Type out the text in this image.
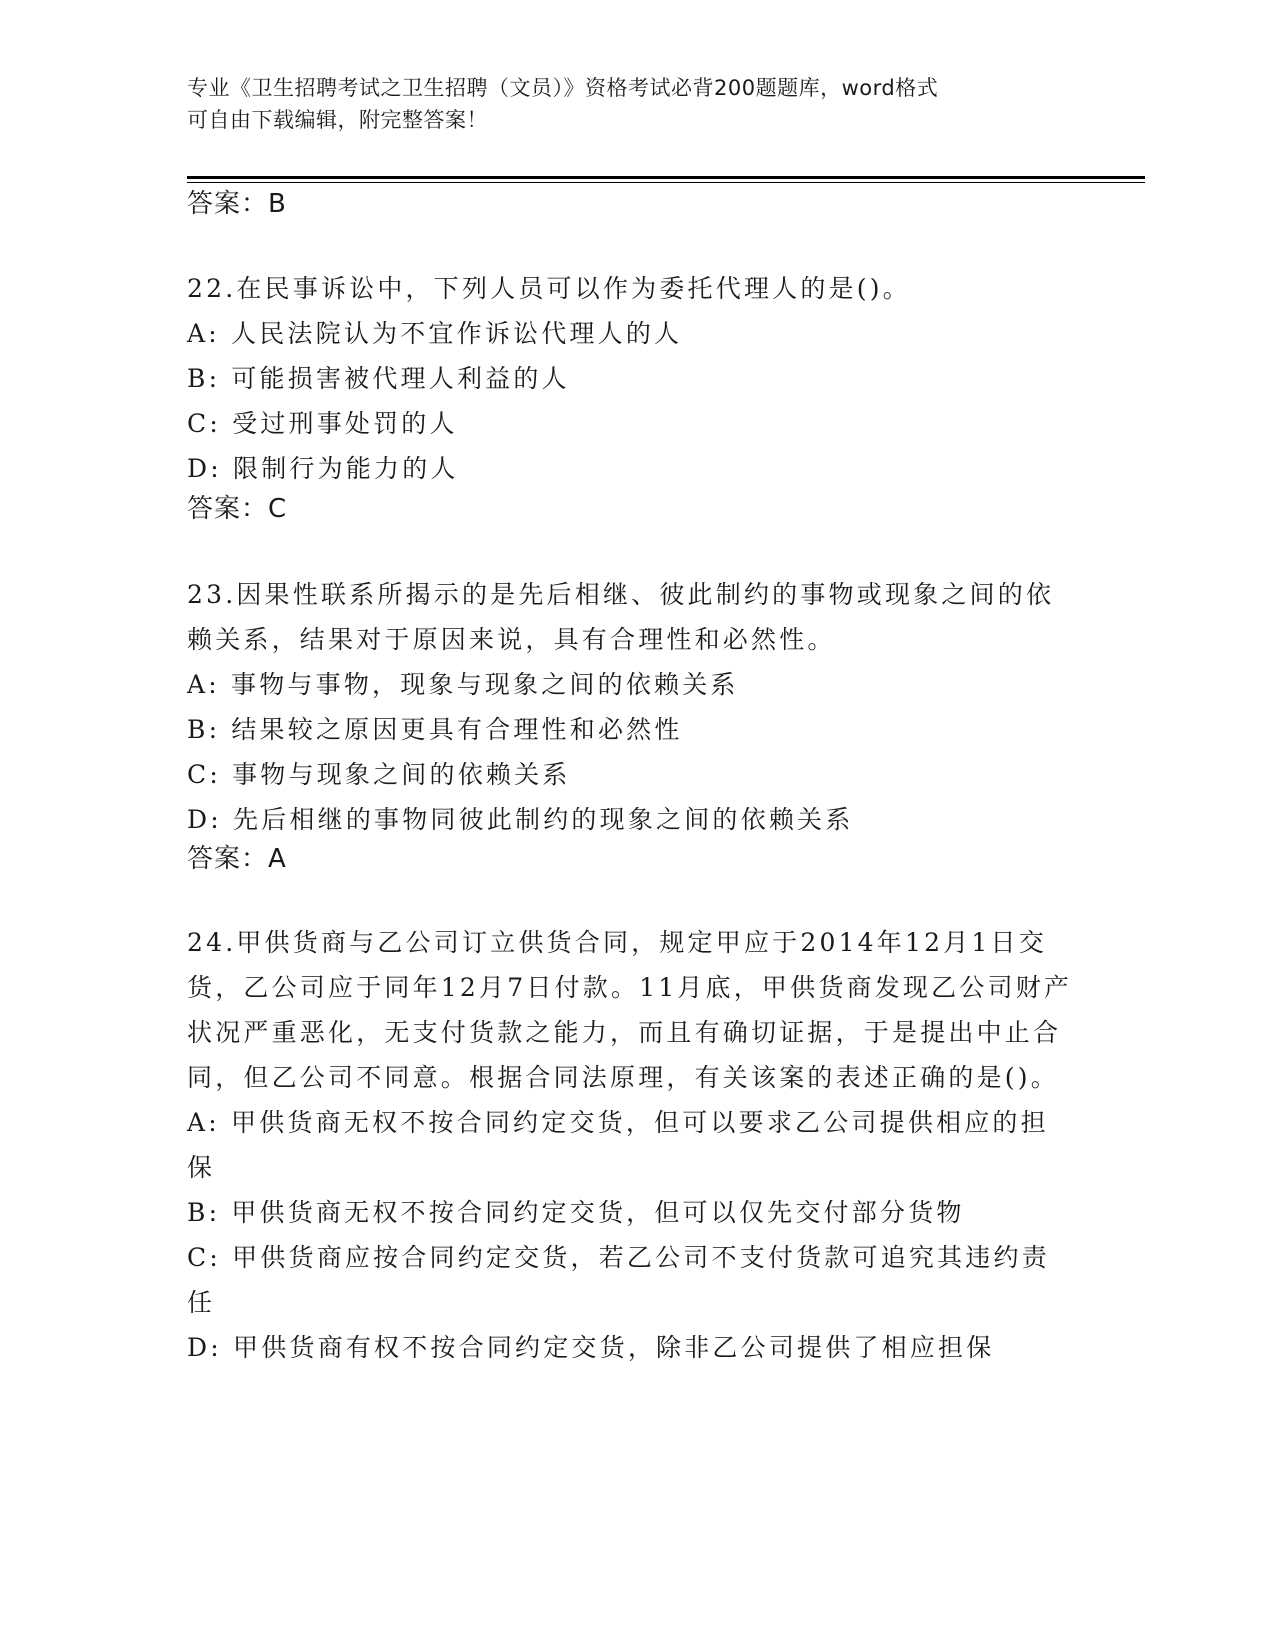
专业《卫生招聘考试之卫生招聘（文员）》资格考试必背200题题库，word格式
可自由下载编辑，附完整答案！
答案：B
22.在民事诉讼中，下列人员可以作为委托代理人的是()。
A: 人民法院认为不宜作诉讼代理人的人
B: 可能损害被代理人利益的人
C: 受过刑事处罚的人
D: 限制行为能力的人
答案：C
23.因果性联系所揭示的是先后相继、彼此制约的事物或现象之间的依赖关系，结果对于原因来说，具有合理性和必然性。
A: 事物与事物，现象与现象之间的依赖关系
B: 结果较之原因更具有合理性和必然性
C: 事物与现象之间的依赖关系
D: 先后相继的事物同彼此制约的现象之间的依赖关系
答案：A
24.甲供货商与乙公司订立供货合同，规定甲应于2014年12月1日交货，乙公司应于同年12月7日付款。11月底，甲供货商发现乙公司财产状况严重恶化，无支付货款之能力，而且有确切证据，于是提出中止合同，但乙公司不同意。根据合同法原理，有关该案的表述正确的是()。
A: 甲供货商无权不按合同约定交货，但可以要求乙公司提供相应的担保
B: 甲供货商无权不按合同约定交货，但可以仅先交付部分货物
C: 甲供货商应按合同约定交货，若乙公司不支付货款可追究其违约责任
D: 甲供货商有权不按合同约定交货，除非乙公司提供了相应担保
